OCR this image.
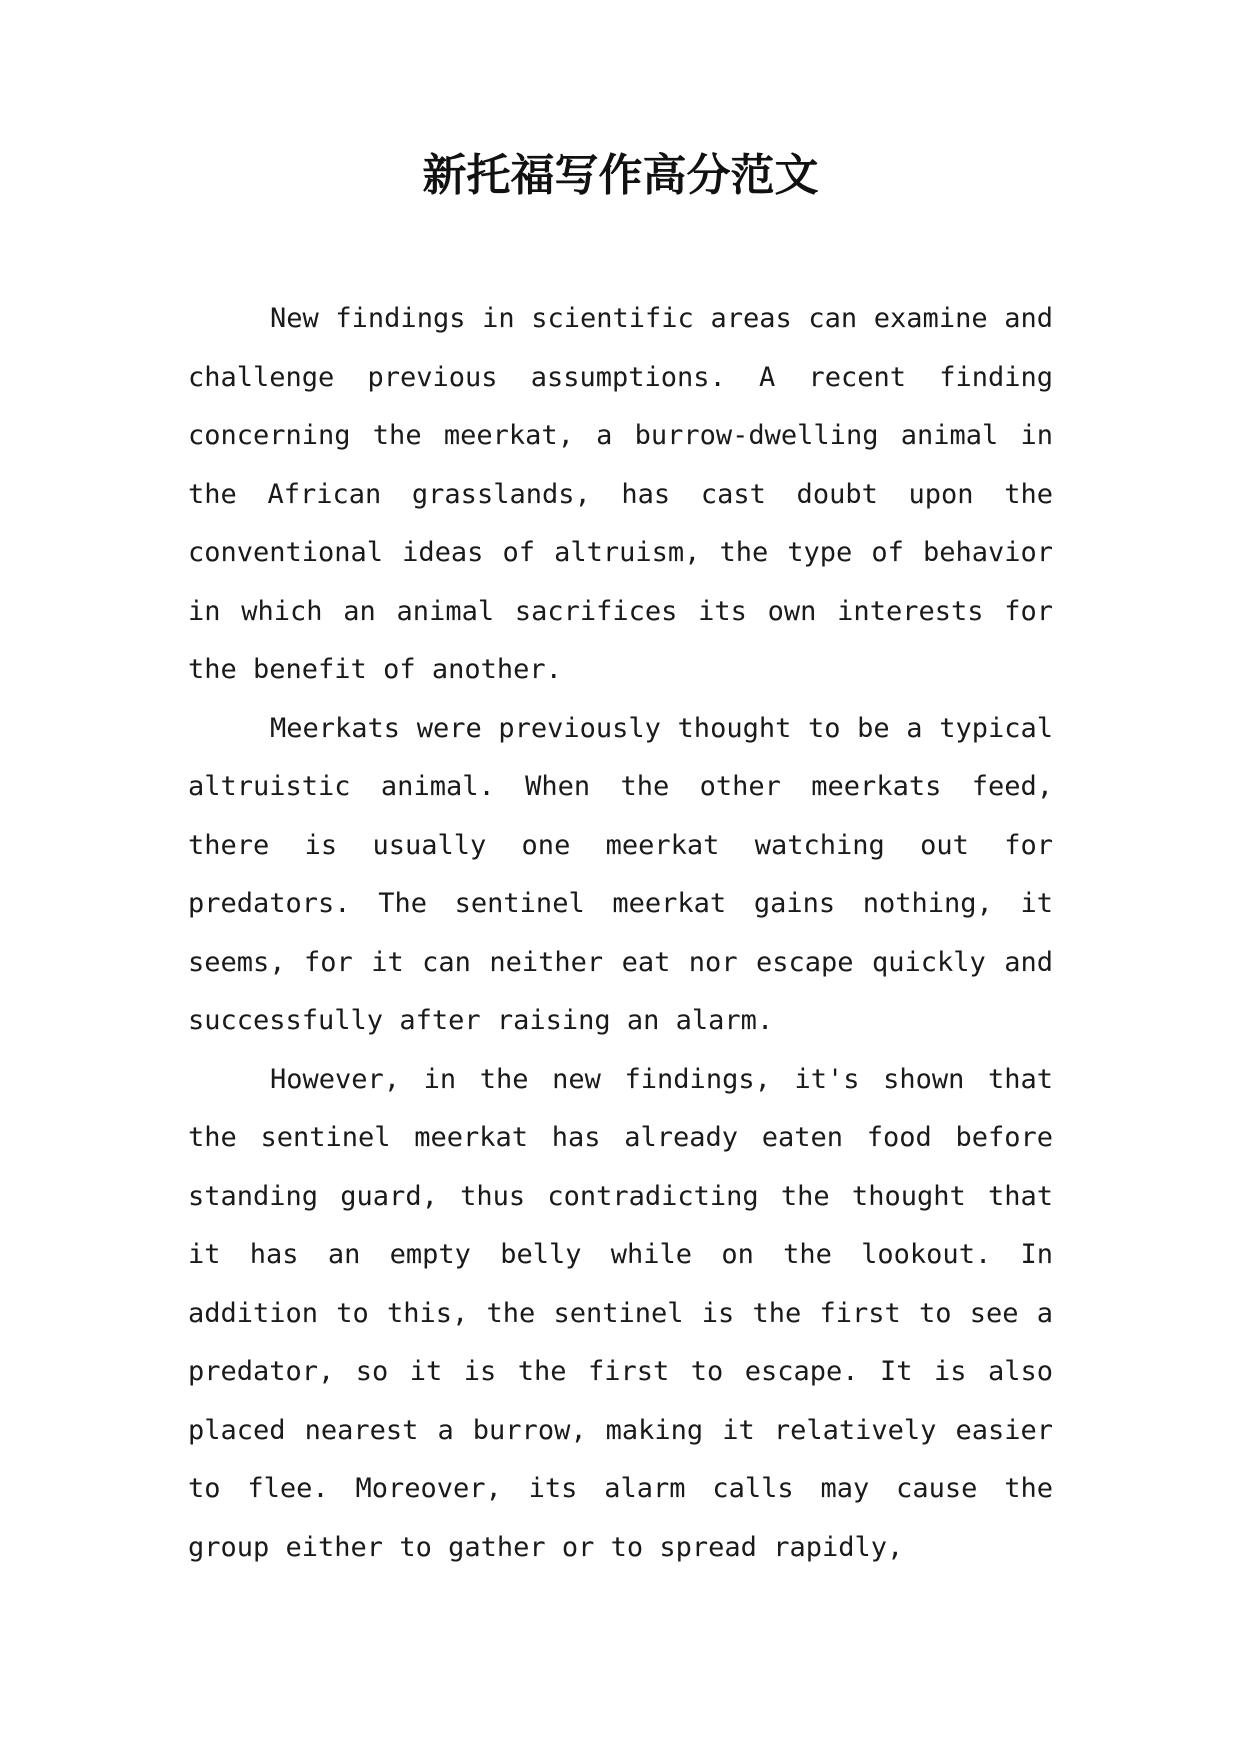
新托福写作高分范文

New findings in scientific areas can examine and challenge previous assumptions. A recent finding concerning the meerkat, a burrow-dwelling animal in the African grasslands, has cast doubt upon the conventional ideas of altruism, the type of behavior in which an animal sacrifices its own interests for the benefit of another.

Meerkats were previously thought to be a typical altruistic animal. When the other meerkats feed, there is usually one meerkat watching out for predators. The sentinel meerkat gains nothing, it seems, for it can neither eat nor escape quickly and successfully after raising an alarm.

However, in the new findings, it's shown that the sentinel meerkat has already eaten food before standing guard, thus contradicting the thought that it has an empty belly while on the lookout. In addition to this, the sentinel is the first to see a predator, so it is the first to escape. It is also placed nearest a burrow, making it relatively easier to flee. Moreover, its alarm calls may cause the group either to gather or to spread rapidly,
